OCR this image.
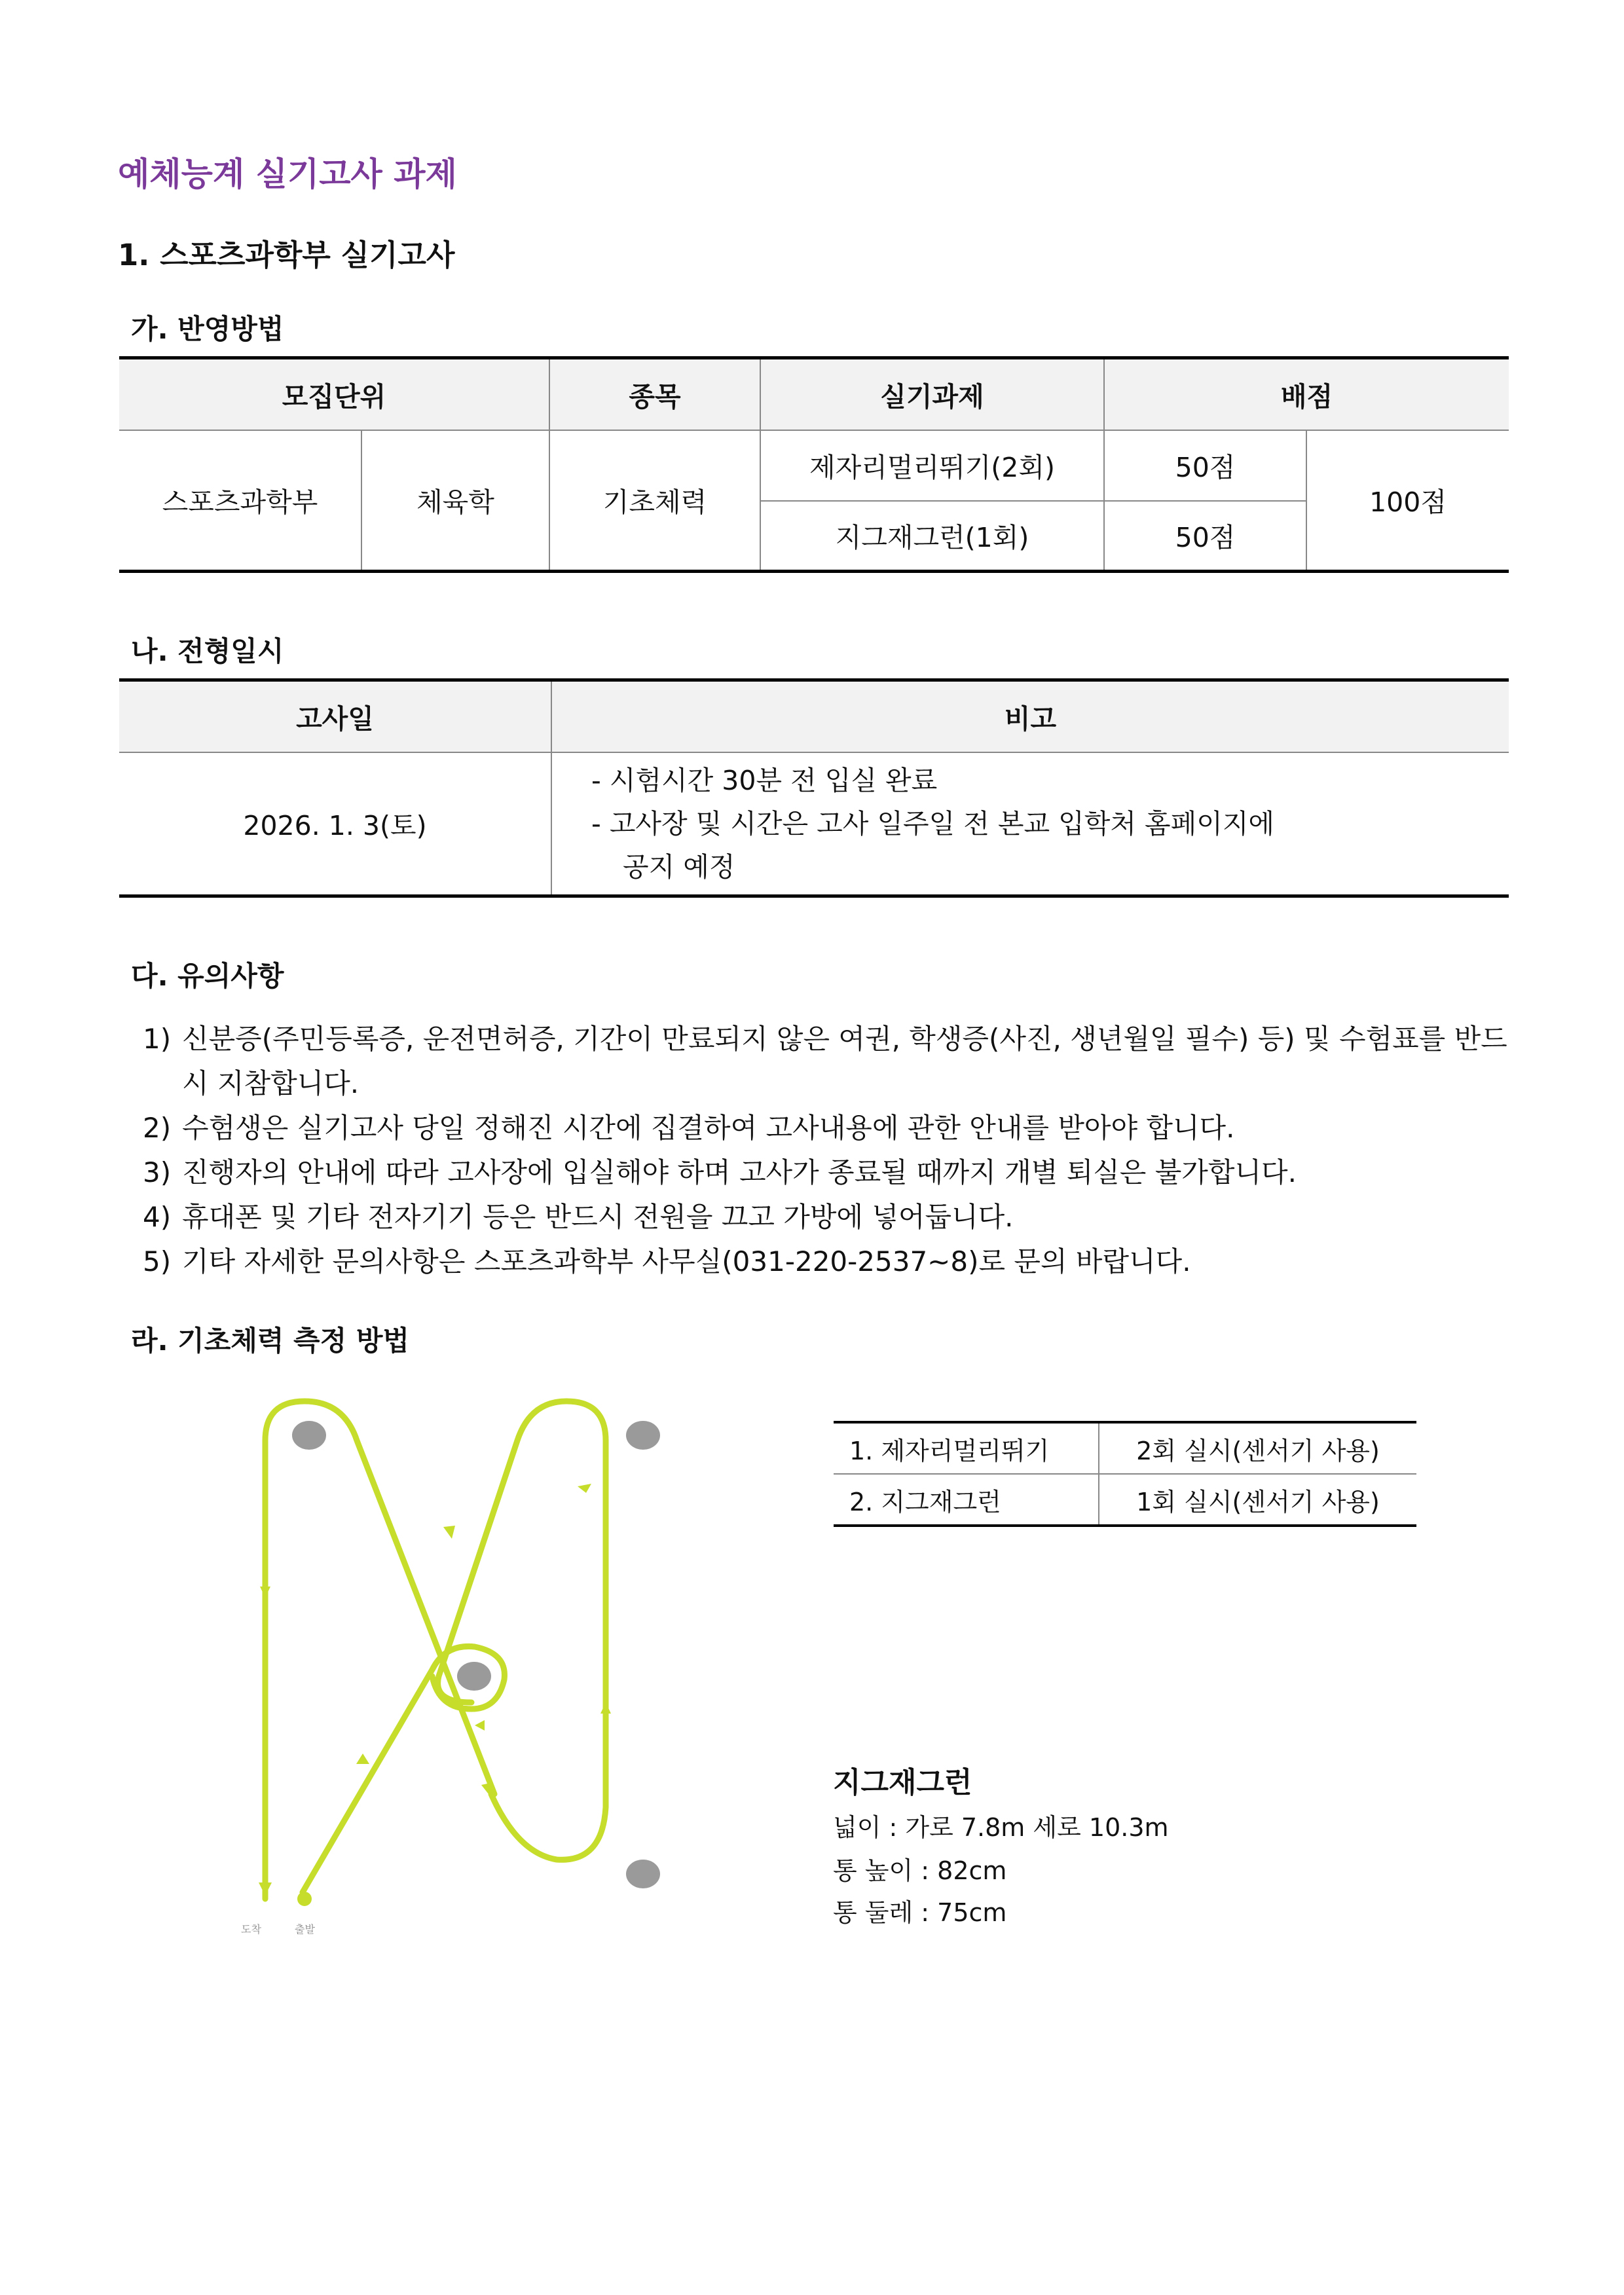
예체능계 실기고사 과제
1. 스포츠과학부 실기고사
가. 반영방법
모집단위		종목	실기과제	배점	
스포츠과학부	체육학	기초체력	제자리멀리뛰기(2회)	50점	100점
			지그재그런(1회)	50점	
나. 전형일시
고사일	비고
2026. 1. 3(토)	- 시험시간 30분 전 입실 완료
- 고사장 및 시간은 고사 일주일 전 본교 입학처 홈페이지에
공지 예정
다. 유의사항
1) 신분증(주민등록증, 운전면허증, 기간이 만료되지 않은 여권, 학생증(사진, 생년월일 필수) 등) 및 수험표를 반드시 지참합니다.
2) 수험생은 실기고사 당일 정해진 시간에 집결하여 고사내용에 관한 안내를 받아야 합니다.
3) 진행자의 안내에 따라 고사장에 입실해야 하며 고사가 종료될 때까지 개별 퇴실은 불가합니다.
4) 휴대폰 및 기타 전자기기 등은 반드시 전원을 끄고 가방에 넣어둡니다.
5) 기타 자세한 문의사항은 스포츠과학부 사무실(031-220-2537~8)로 문의 바랍니다.
라. 기초체력 측정 방법
도착	출발
1. 제자리멀리뛰기	2회 실시(센서기 사용)
2. 지그재그런	1회 실시(센서기 사용)
지그재그런
넓이 : 가로 7.8m 세로 10.3m
통 높이 : 82cm
통 둘레 : 75cm
